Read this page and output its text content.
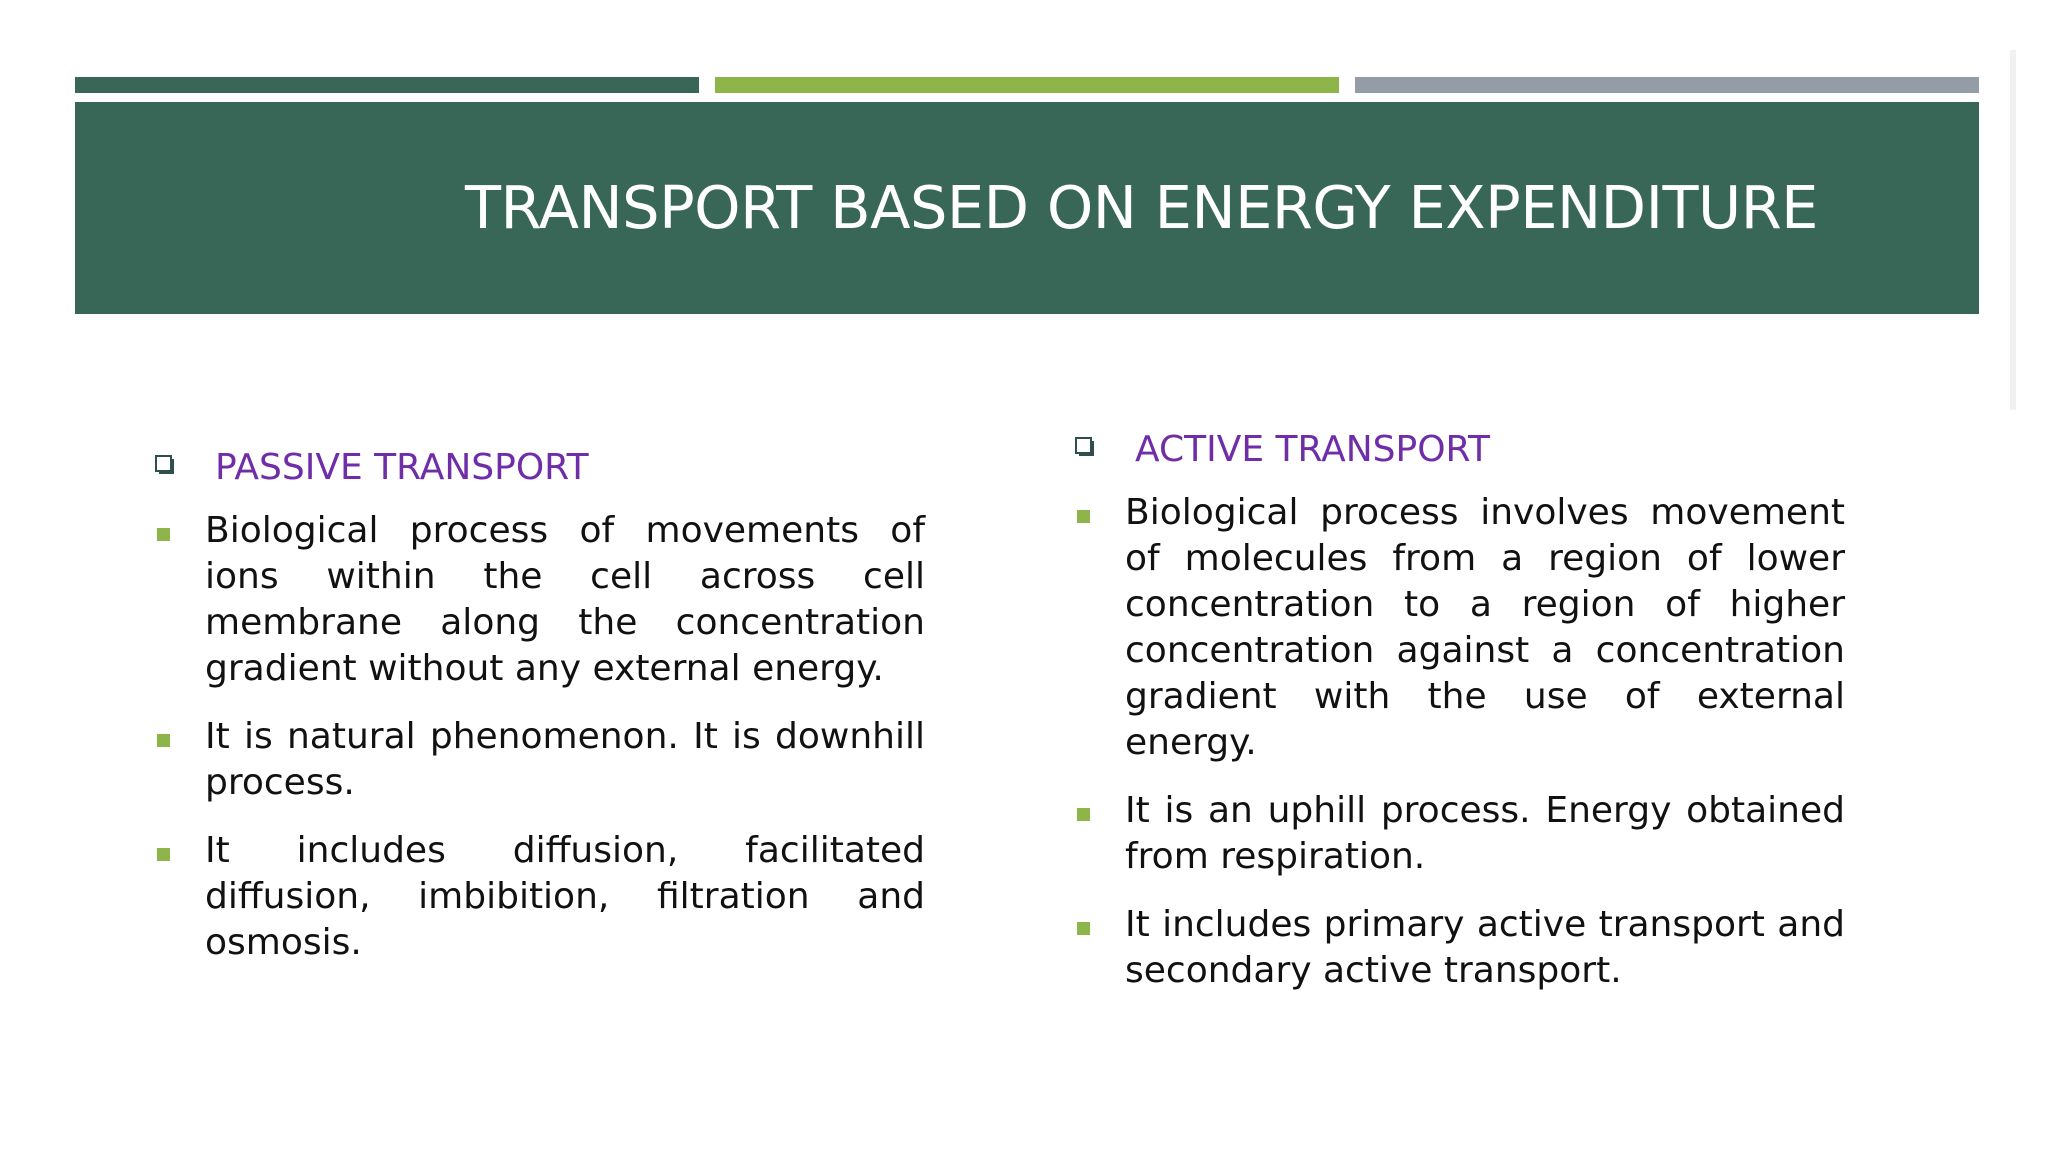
TRANSPORT BASED ON ENERGY EXPENDITURE
PASSIVE TRANSPORT
Biological process of movements of ions within the cell across cell membrane along the concentration gradient without any external energy.
It is natural phenomenon. It is downhill process.
It includes diffusion, facilitated diffusion, imbibition, filtration and osmosis.
ACTIVE TRANSPORT
Biological process involves movement of molecules from a region of lower concentration to a region of higher concentration against a concentration gradient with the use of external energy.
It is an uphill process. Energy obtained from respiration.
It includes primary active transport and secondary active transport.
